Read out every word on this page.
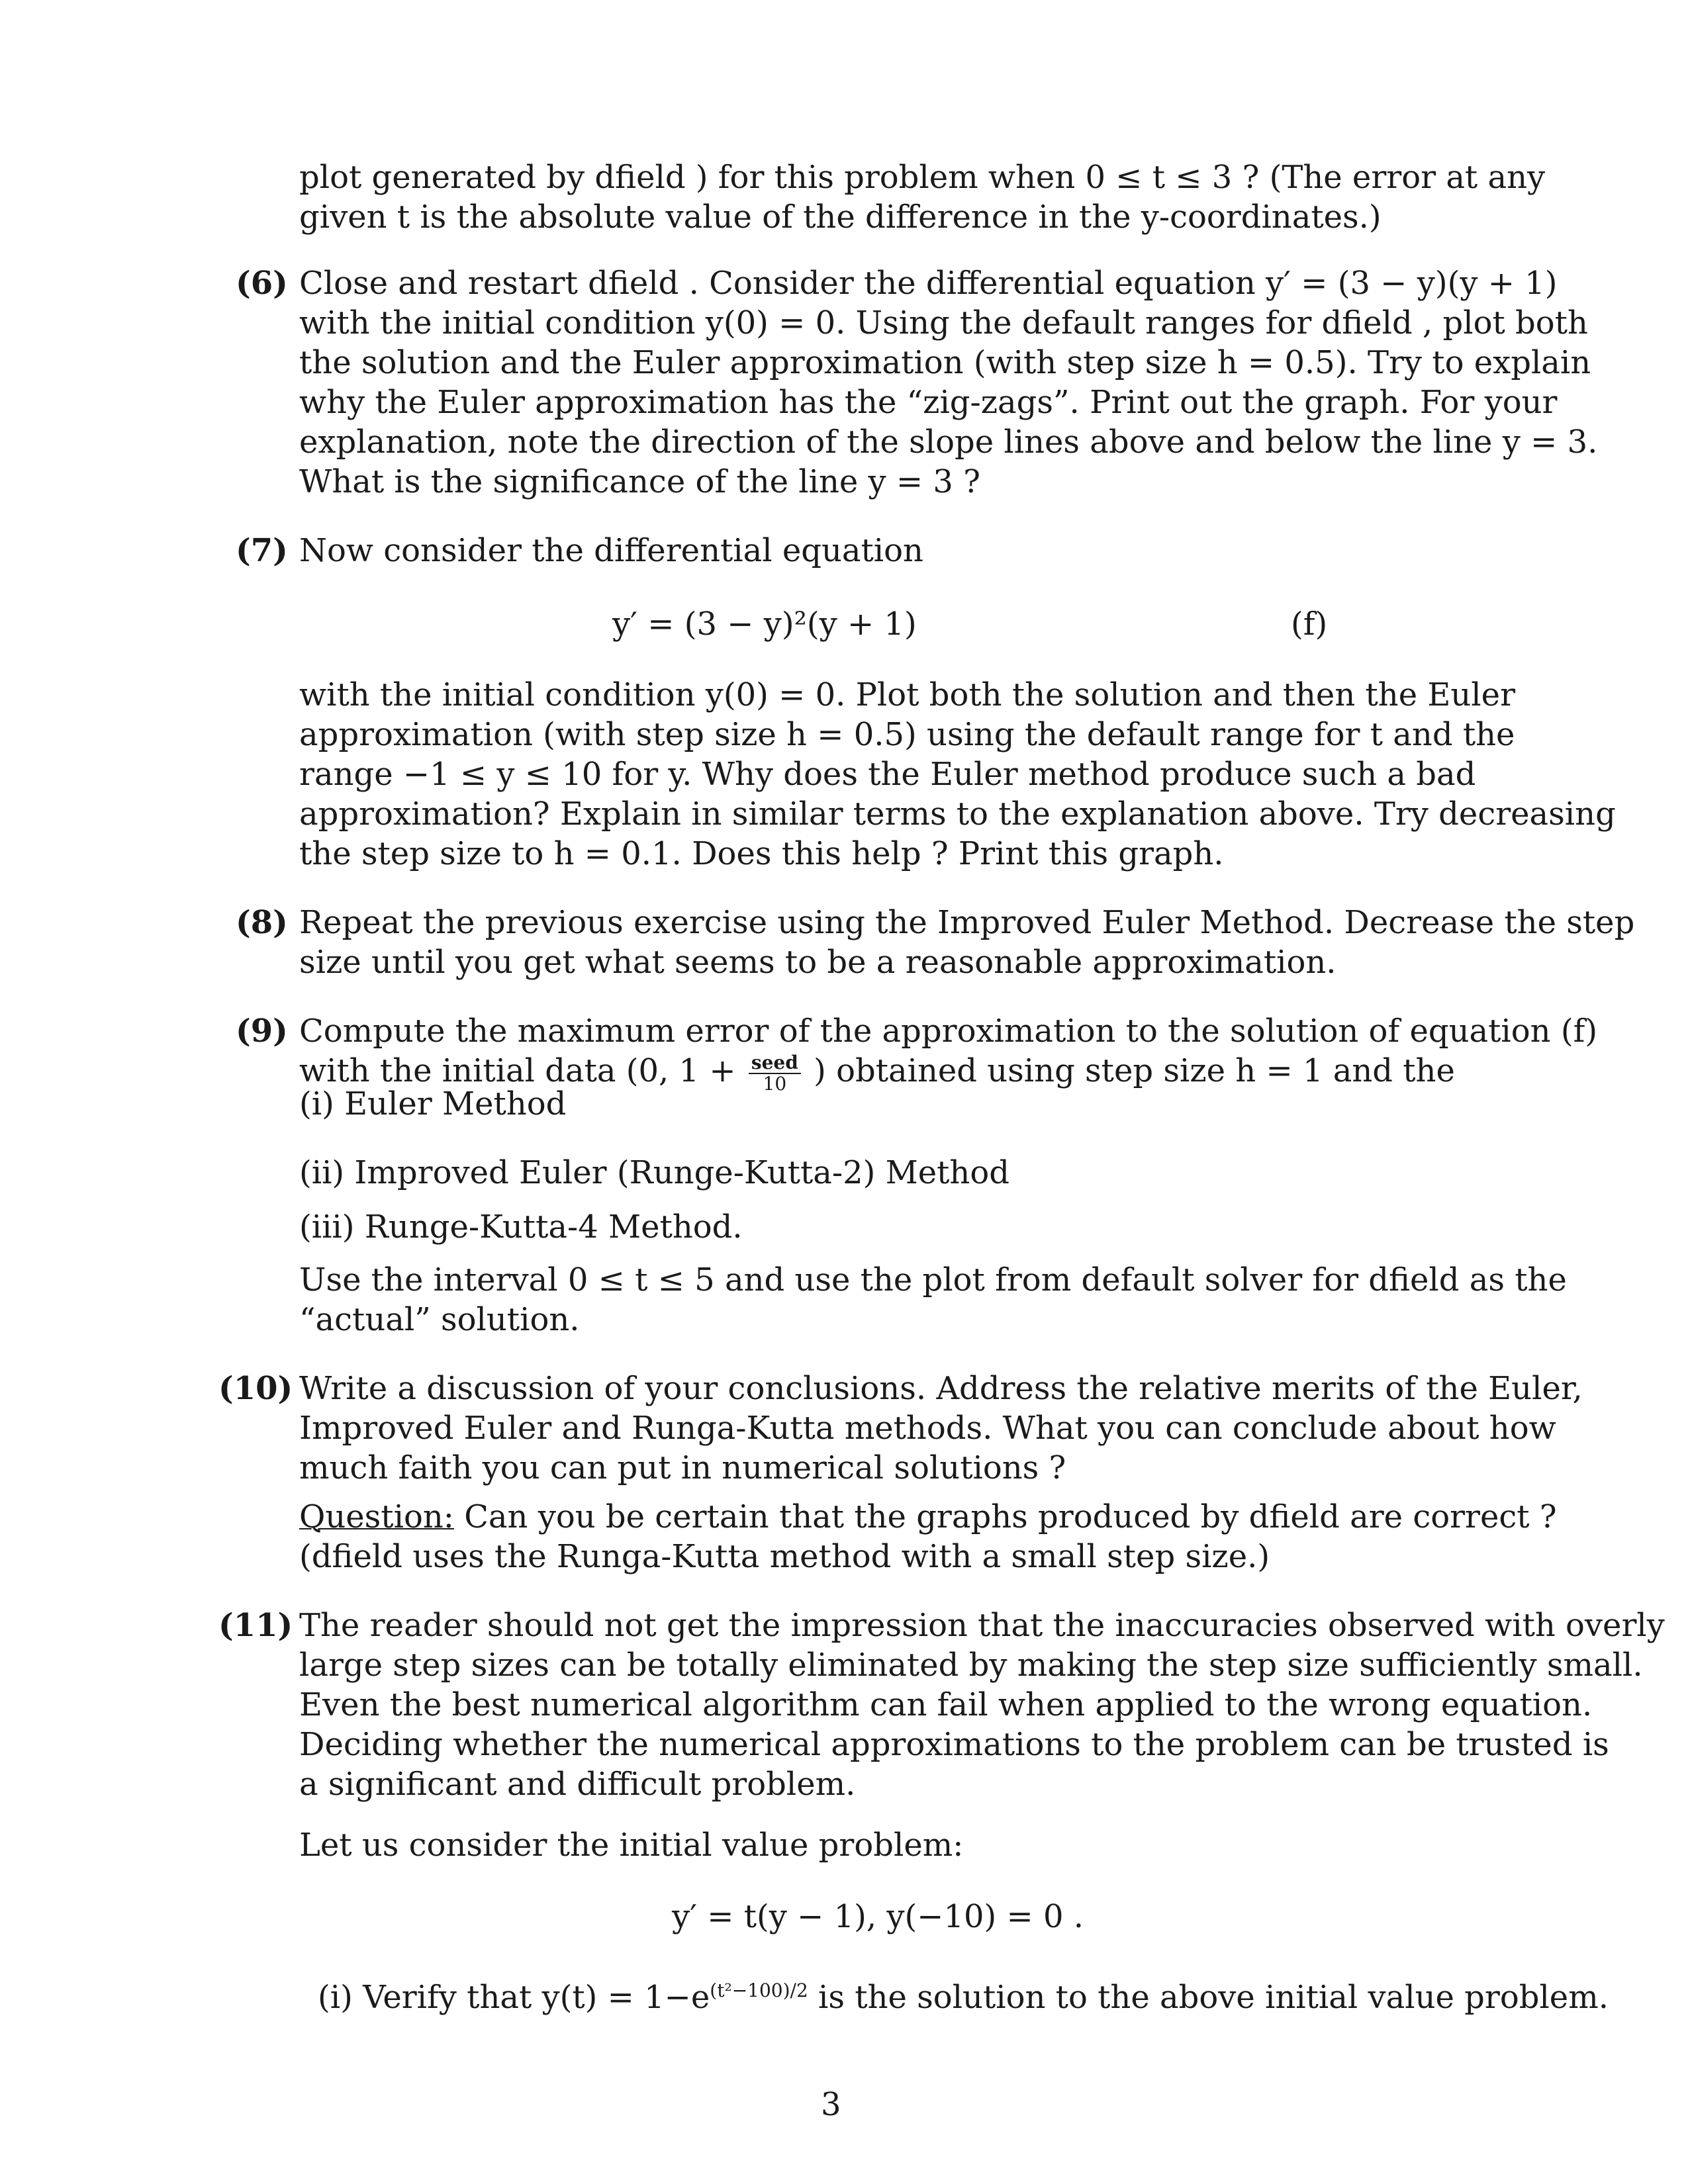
plot generated by dfield ) for this problem when 0 ≤ t ≤ 3 ? (The error at any
given t is the absolute value of the difference in the y-coordinates.)
(6) Close and restart dfield . Consider the differential equation y′ = (3 − y)(y + 1)
with the initial condition y(0) = 0. Using the default ranges for dfield , plot both
the solution and the Euler approximation (with step size h = 0.5). Try to explain
why the Euler approximation has the “zig-zags”. Print out the graph. For your
explanation, note the direction of the slope lines above and below the line y = 3.
What is the significance of the line y = 3 ?
(7) Now consider the differential equation
y′ = (3 − y)²(y + 1)	(f)
with the initial condition y(0) = 0. Plot both the solution and then the Euler
approximation (with step size h = 0.5) using the default range for t and the
range −1 ≤ y ≤ 10 for y. Why does the Euler method produce such a bad
approximation? Explain in similar terms to the explanation above. Try decreasing
the step size to h = 0.1. Does this help ? Print this graph.
(8) Repeat the previous exercise using the Improved Euler Method. Decrease the step
size until you get what seems to be a reasonable approximation.
(9) Compute the maximum error of the approximation to the solution of equation (f)
with the initial data (0, $1 + \frac{\text{seed}}{10}$ ) obtained using step size h = 1 and the
(i) Euler Method
(ii) Improved Euler (Runge-Kutta-2) Method
(iii) Runge-Kutta-4 Method.
Use the interval 0 ≤ t ≤ 5 and use the plot from default solver for dfield as the
“actual” solution.
(10) Write a discussion of your conclusions. Address the relative merits of the Euler,
Improved Euler and Runga-Kutta methods. What you can conclude about how
much faith you can put in numerical solutions ?
Question: Can you be certain that the graphs produced by dfield are correct ?
(dfield uses the Runga-Kutta method with a small step size.)
(11) The reader should not get the impression that the inaccuracies observed with overly
large step sizes can be totally eliminated by making the step size sufficiently small.
Even the best numerical algorithm can fail when applied to the wrong equation.
Deciding whether the numerical approximations to the problem can be trusted is
a significant and difficult problem.
Let us consider the initial value problem:
y′ = t(y − 1), y(−10) = 0 .
(i) Verify that $y(t) = 1-e^{(t^2-100)/2}$ is the solution to the above initial value problem.
3
